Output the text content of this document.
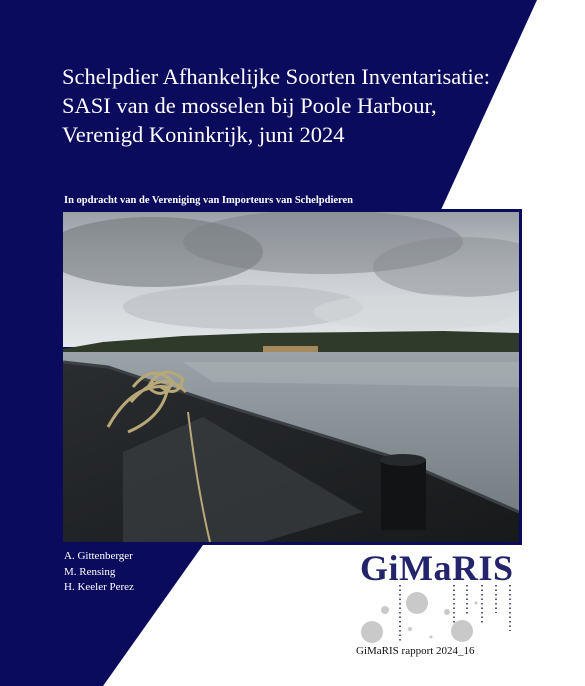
Schelpdier Afhankelijke Soorten Inventarisatie:
SASI van de mosselen bij Poole Harbour,
Verenigd Koninkrijk, juni 2024
In opdracht van de Vereniging van Importeurs van Schelpdieren
A. Gittenberger
M. Rensing
H. Keeler Perez	GiMaRIS
GiMaRIS rapport 2024_16
